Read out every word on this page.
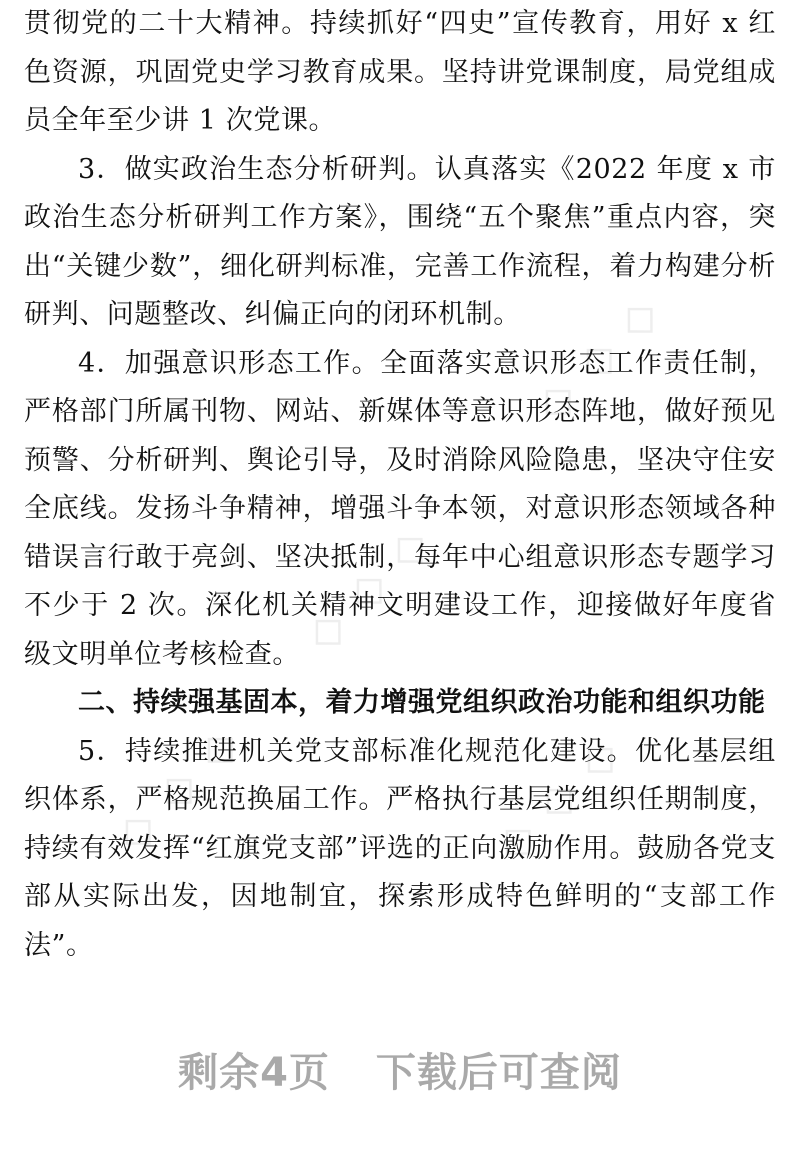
◇ ◇ ◇
◇ ◇ ◇
◇ ◇ ◇	◇ ◇ ◇

贯彻党的二十大精神。持续抓好“四史”宣传教育，用好 x 红色资源，巩固党史学习教育成果。坚持讲党课制度，局党组成员全年至少讲 1 次党课。

3．做实政治生态分析研判。认真落实《2022 年度 x 市政治生态分析研判工作方案》，围绕“五个聚焦”重点内容，突出“关键少数”，细化研判标准，完善工作流程，着力构建分析研判、问题整改、纠偏正向的闭环机制。

4．加强意识形态工作。全面落实意识形态工作责任制，严格部门所属刊物、网站、新媒体等意识形态阵地，做好预见预警、分析研判、舆论引导，及时消除风险隐患，坚决守住安全底线。发扬斗争精神，增强斗争本领，对意识形态领域各种错误言行敢于亮剑、坚决抵制，每年中心组意识形态专题学习不少于 2 次。深化机关精神文明建设工作，迎接做好年度省级文明单位考核检查。

二、持续强基固本，着力增强党组织政治功能和组织功能

5．持续推进机关党支部标准化规范化建设。优化基层组织体系，严格规范换届工作。严格执行基层党组织任期制度，持续有效发挥“红旗党支部”评选的正向激励作用。鼓励各党支部从实际出发，因地制宜，探索形成特色鲜明的“支部工作法”。

剩余4页 下载后可查阅
